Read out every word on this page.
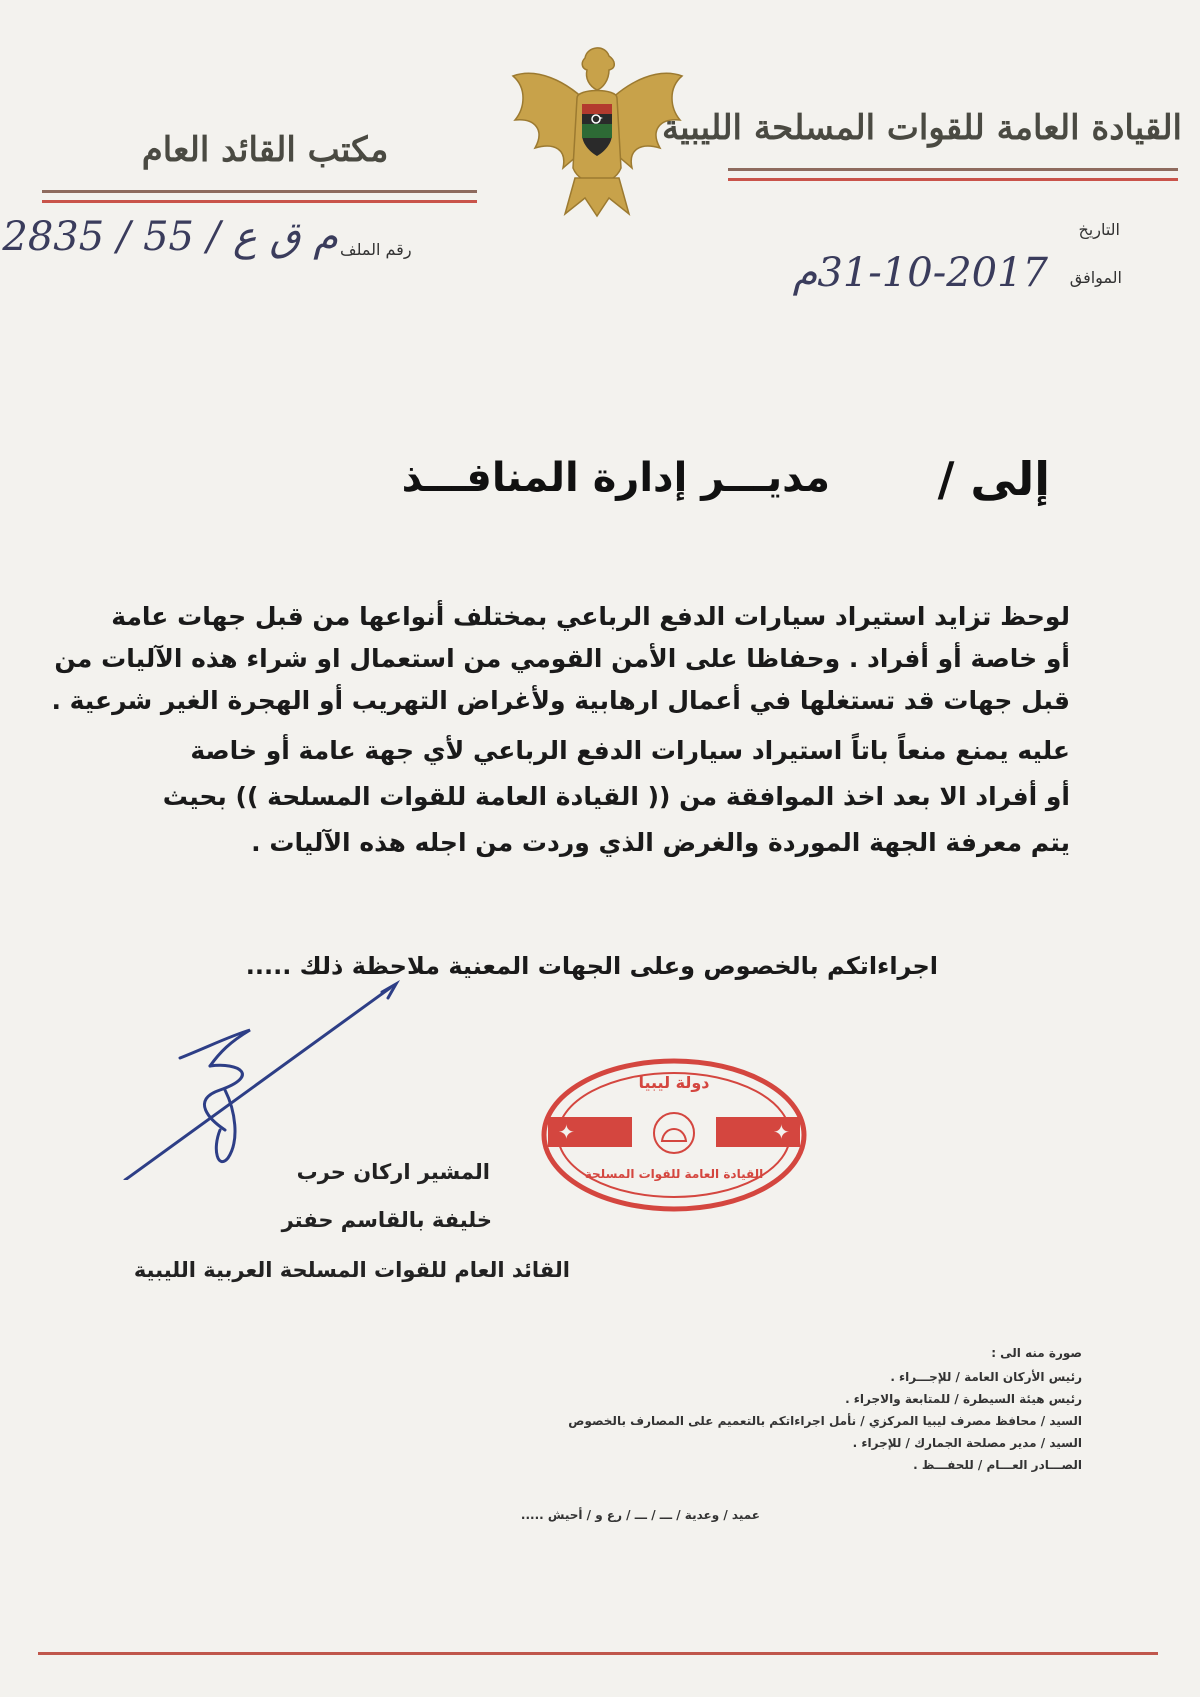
القيادة العامة للقوات المسلحة الليبية
مكتب القائد العام
التاريخ
الموافق
31-10-2017م
رقم الملف
م ق ع / 55 / 2835
إلى /
مديـــر إدارة المنافـــذ
لوحظ تزايد استيراد سيارات الدفع الرباعي بمختلف أنواعها من قبل جهات عامة
أو خاصة أو أفراد . وحفاظا على الأمن القومي من استعمال او شراء هذه الآليات من
قبل جهات قد تستغلها في أعمال ارهابية ولأغراض التهريب أو الهجرة الغير شرعية .
عليه يمنع منعاً باتاً استيراد سيارات الدفع الرباعي لأي جهة عامة أو خاصة
أو أفراد الا بعد اخذ الموافقة من (( القيادة العامة للقوات المسلحة )) بحيث
يتم معرفة الجهة الموردة والغرض الذي وردت من اجله هذه الآليات .
اجراءاتكم بالخصوص وعلى الجهات المعنية ملاحظة ذلك .....
المشير اركان حرب
خليفة بالقاسم حفتر
القائد العام للقوات المسلحة العربية الليبية
✦	✦
دولة ليبيا
القيادة العامة للقوات المسلحة
صورة منه الى :
رئيس الأركان العامة / للإجـــراء .
رئيس هيئة السيطرة / للمتابعة والاجراء .
السيد / محافظ مصرف ليبيا المركزي / نأمل اجراءاتكم بالتعميم على المصارف بالخصوص
السيد / مدير مصلحة الجمارك / للإجراء .
الصـــادر العـــام / للحفـــظ .
عميد / وعدية / ـــ / ـــ / رع و / أحيش .....
